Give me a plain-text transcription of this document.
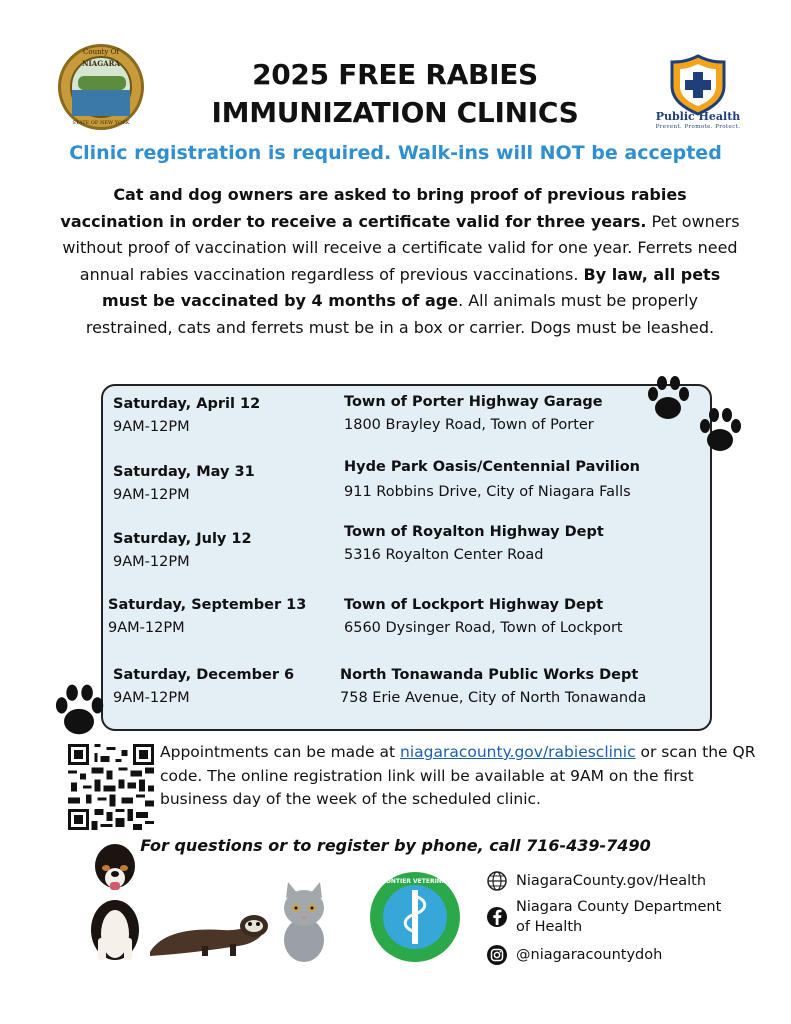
County Of
NIAGARA
STATE OF NEW YORK
2025 FREE RABIES
IMMUNIZATION CLINICS	Public Health
Prevent. Promote. Protect.
Clinic registration is required. Walk-ins will NOT be accepted
Cat and dog owners are asked to bring proof of previous rabies vaccination in order to receive a certificate valid for three years. Pet owners without proof of vaccination will receive a certificate valid for one year. Ferrets need annual rabies vaccination regardless of previous vaccinations. By law, all pets must be vaccinated by 4 months of age. All animals must be properly restrained, cats and ferrets must be in a box or carrier. Dogs must be leashed.
Saturday, April 12
9AM-12PM
Town of Porter Highway Garage
1800 Brayley Road, Town of Porter
Saturday, May 31
9AM-12PM
Hyde Park Oasis/Centennial Pavilion
911 Robbins Drive, City of Niagara Falls
Saturday, July 12
9AM-12PM
Town of Royalton Highway Dept
5316 Royalton Center Road
Saturday, September 13
9AM-12PM
Town of Lockport Highway Dept
6560 Dysinger Road, Town of Lockport
Saturday, December 6
9AM-12PM
North Tonawanda Public Works Dept
758 Erie Avenue, City of North Tonawanda
Appointments can be made at niagaracounty.gov/rabiesclinic or scan the QR code. The online registration link will be available at 9AM on the first business day of the week of the scheduled clinic.
For questions or to register by phone, call 716-439-7490
NIAGARA FRONTIER VETERINARY SOCIETY NiagaraCounty.gov/Health
Niagara County Department
of Health
@niagaracountydoh
